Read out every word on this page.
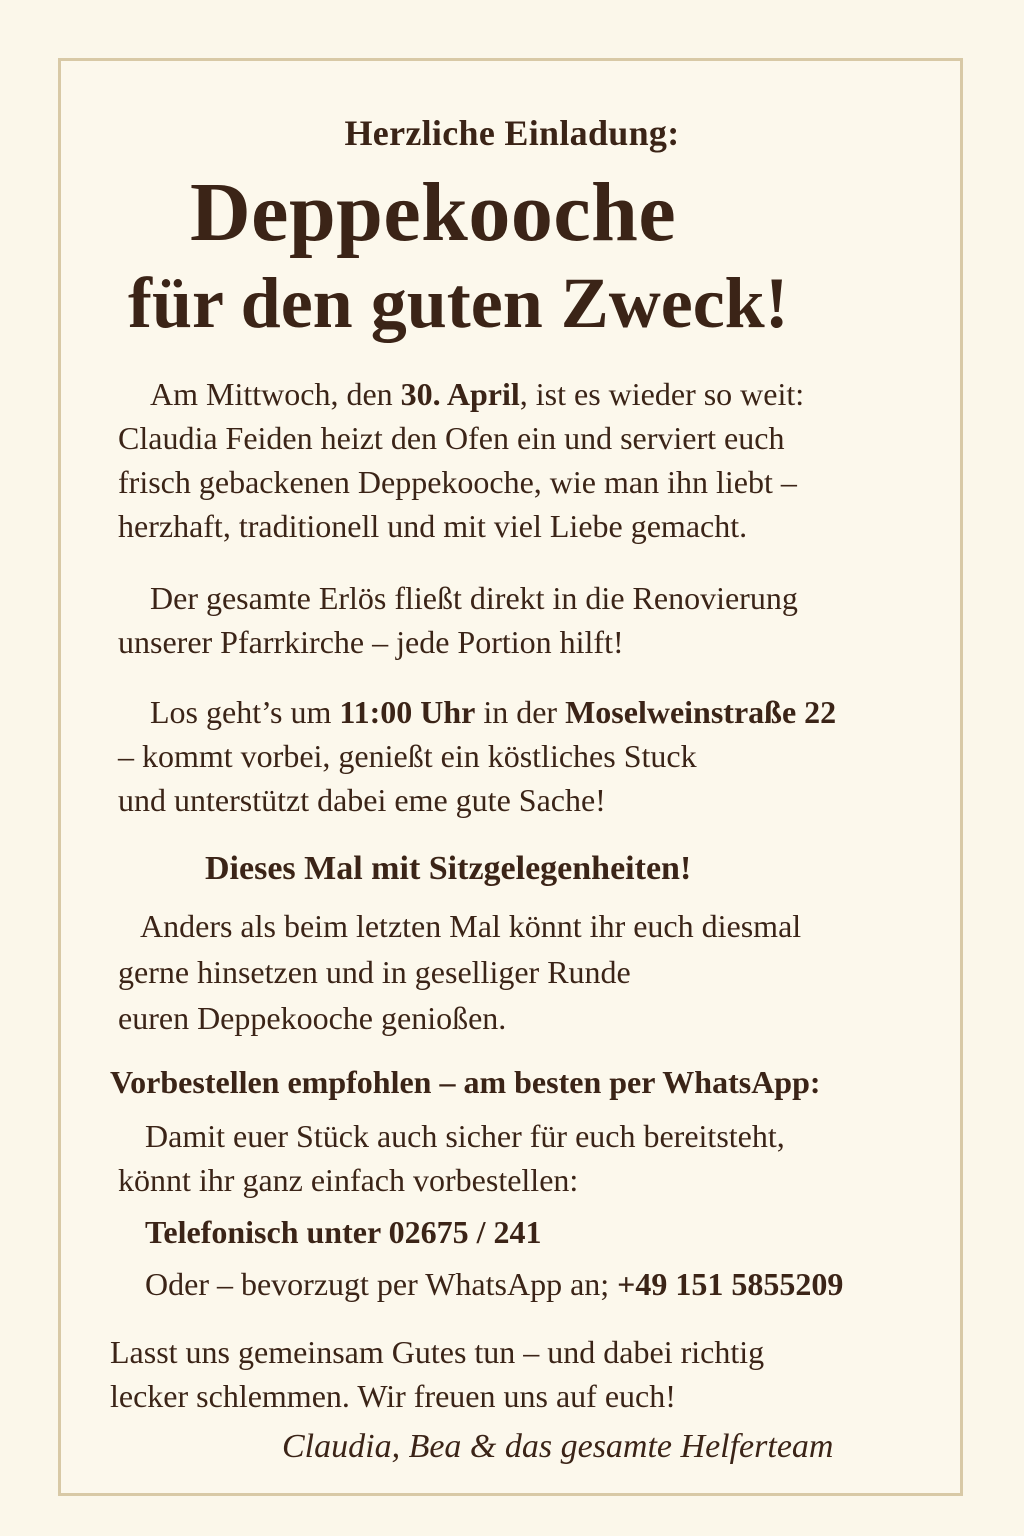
Herzliche Einladung:
Deppekooche
für den guten Zweck!
Am Mittwoch, den 30. April, ist es wieder so weit:
Claudia Feiden heizt den Ofen ein und serviert euch
frisch gebackenen Deppekooche, wie man ihn liebt –
herzhaft, traditionell und mit viel Liebe gemacht.
Der gesamte Erlös fließt direkt in die Renovierung
unserer Pfarrkirche – jede Portion hilft!
Los geht’s um 11:00 Uhr in der Moselweinstraße 22
– kommt vorbei, genießt ein köstliches Stuck
und unterstützt dabei eme gute Sache!
Dieses Mal mit Sitzgelegenheiten!
Anders als beim letzten Mal könnt ihr euch diesmal
gerne hinsetzen und in geselliger Runde
euren Deppekooche genioßen.
Vorbestellen empfohlen – am besten per WhatsApp:
Damit euer Stück auch sicher für euch bereitsteht,
könnt ihr ganz einfach vorbestellen:
Telefonisch unter 02675 / 241
Oder – bevorzugt per WhatsApp an; +49 151 5855209
Lasst uns gemeinsam Gutes tun – und dabei richtig
lecker schlemmen. Wir freuen uns auf euch!
Claudia, Bea & das gesamte Helferteam
